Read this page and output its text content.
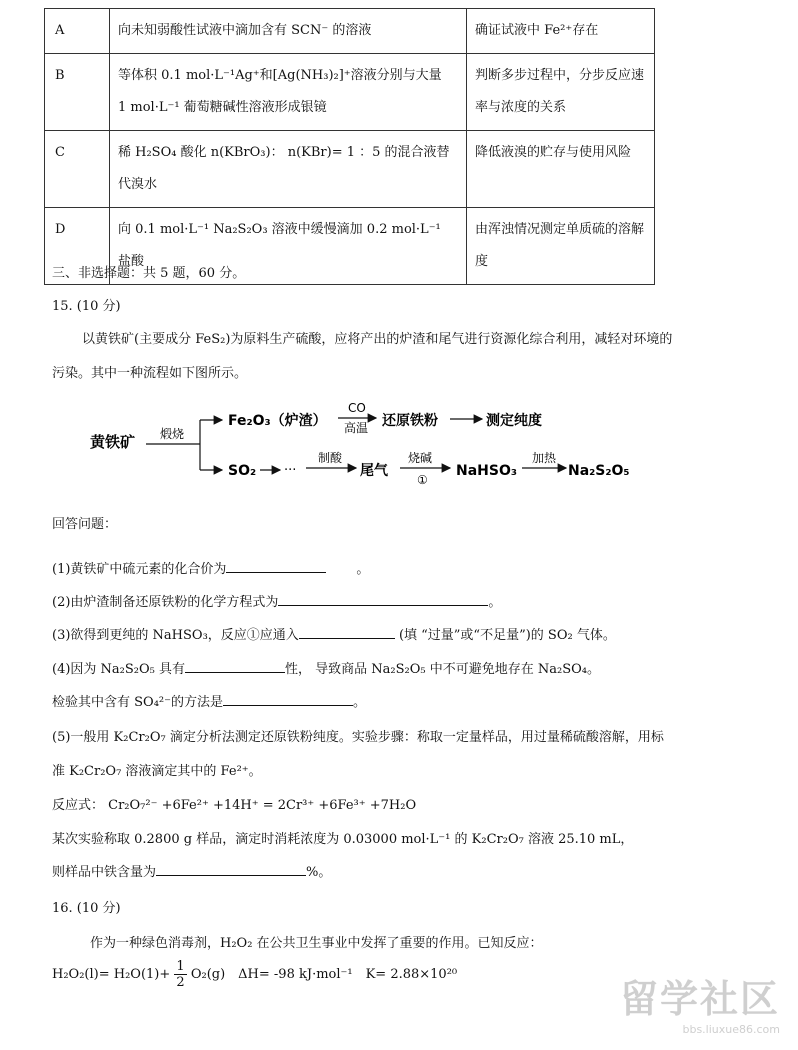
A	向未知弱酸性试液中滴加含有 SCN⁻ 的溶液	确证试液中 Fe²⁺存在
B	等体积 0.1 mol·L⁻¹Ag⁺和[Ag(NH₃)₂]⁺溶液分别与大量
1 mol·L⁻¹ 葡萄糖碱性溶液形成银镜	判断多步过程中，分步反应速率与浓度的关系
C	稀 H₂SO₄ 酸化 n(KBrO₃)： n(KBr)= 1 ：5 的混合液替
代溴水	降低液溴的贮存与使用风险
D	向 0.1 mol·L⁻¹ Na₂S₂O₃ 溶液中缓慢滴加 0.2 mol·L⁻¹
盐酸	由浑浊情况测定单质硫的溶解度
三、非选择题：共 5 题，60 分。
15. (10 分)
以黄铁矿(主要成分 FeS₂)为原料生产硫酸，应将产出的炉渣和尾气进行资源化综合利用，减轻对环境的
污染。其中一种流程如下图所示。
黄铁矿 煅烧
Fe₂O₃（炉渣）
CO
高温 还原铁粉	测定纯度
SO₂ ···
制酸
尾气
烧碱
①
NaHSO₃
加热
Na₂S₂O₅
回答问题：
(1)黄铁矿中硫元素的化合价为	。
(2)由炉渣制备还原铁粉的化学方程式为	。
(3)欲得到更纯的 NaHSO₃，反应①应通入	(填 “过量”或“不足量”)的 SO₂ 气体。
(4)因为 Na₂S₂O₅ 具有	性， 导致商品 Na₂S₂O₅ 中不可避免地存在 Na₂SO₄。
检验其中含有 SO₄²⁻的方法是	。
(5)一般用 K₂Cr₂O₇ 滴定分析法测定还原铁粉纯度。实验步骤：称取一定量样品，用过量稀硫酸溶解，用标
准 K₂Cr₂O₇ 溶液滴定其中的 Fe²⁺。
反应式： Cr₂O₇²⁻ +6Fe²⁺ +14H⁺ = 2Cr³⁺ +6Fe³⁺ +7H₂O
某次实验称取 0.2800 g 样品，滴定时消耗浓度为 0.03000 mol·L⁻¹ 的 K₂Cr₂O₇ 溶液 25.10 mL，
则样品中铁含量为	%。
16. (10 分)
作为一种绿色消毒剂，H₂O₂ 在公共卫生事业中发挥了重要的作用。已知反应：
$H_2O_2(l)= H_2O(1)+ \frac{1}{2} O_2(g)$　ΔH= -98 kJ·mol⁻¹　K= 2.88×10²⁰
留学社区
bbs.liuxue86.com
